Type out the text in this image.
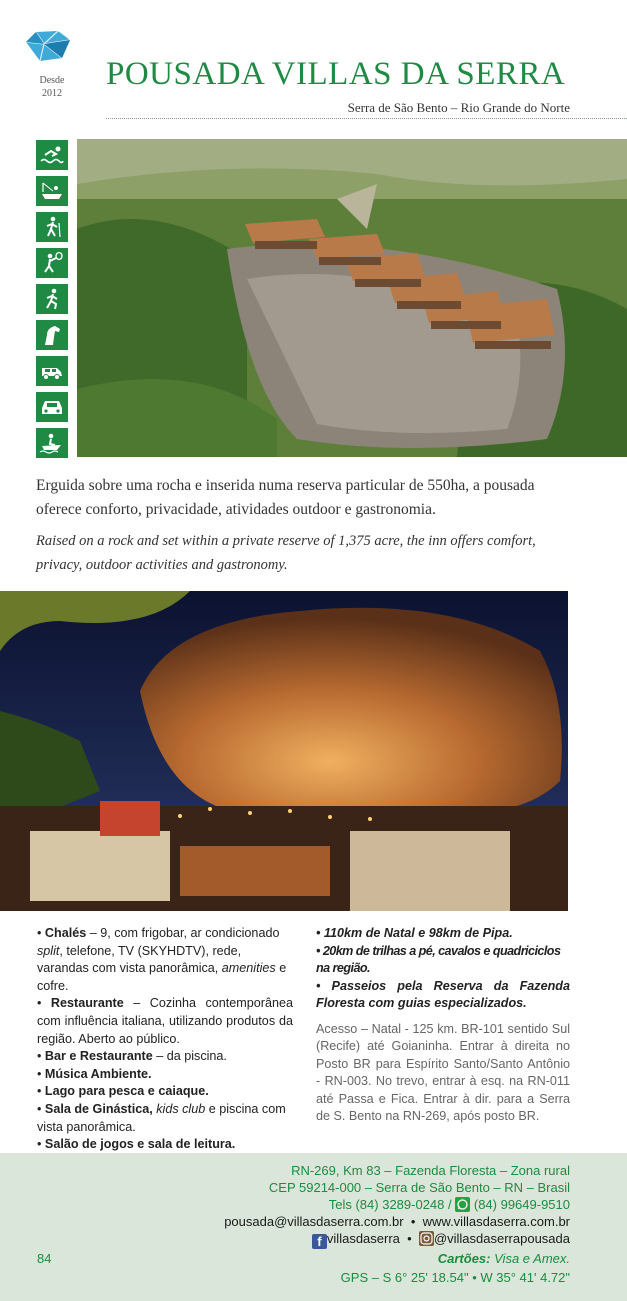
Desde
2012
POUSADA VILLAS DA SERRA
Serra de São Bento – Rio Grande do Norte

Erguida sobre uma rocha e inserida numa reserva particular de 550ha, a pousada oferece conforto, privacidade, atividades outdoor e gastronomia.

Raised on a rock and set within a private reserve of 1,375 acre, the inn offers comfort, privacy, outdoor activities and gastronomy.

• Chalés – 9, com frigobar, ar condicionado split, telefone, TV (SKYHDTV), rede, varandas com vista panorâmica, amenities e cofre.

• Restaurante – Cozinha contemporânea com influência italiana, utilizando produtos da região. Aberto ao público.

• Bar e Restaurante – da piscina.

• Música Ambiente.

• Lago para pesca e caiaque.

• Sala de Ginástica, kids club e piscina com vista panorâmica.

• Salão de jogos e sala de leitura.

• 110km de Natal e 98km de Pipa.

• 20km de trilhas a pé, cavalos e quadriciclos na região.

• Passeios pela Reserva da Fazenda Floresta com guias especializados.

Acesso – Natal - 125 km. BR-101 sentido Sul (Recife) até Goianinha. Entrar à direita no Posto BR para Espírito Santo/Santo Antônio - RN-003. No trevo, entrar à esq. na RN-011 até Passa e Fica. Entrar à dir. para a Serra de S. Bento na RN-269, após posto BR.

RN-269, Km 83 – Fazenda Floresta – Zona rural
CEP 59214-000 – Serra de São Bento – RN – Brasil
Tels (84) 3289-0248 / (84) 99649-9510
pousada@villasdaserra.com.br • www.villasdaserra.com.br
f villasdaserra • @villasdaserrapousada
84	Cartões: Visa e Amex.
GPS – S 6° 25' 18.54" • W 35° 41' 4.72"
